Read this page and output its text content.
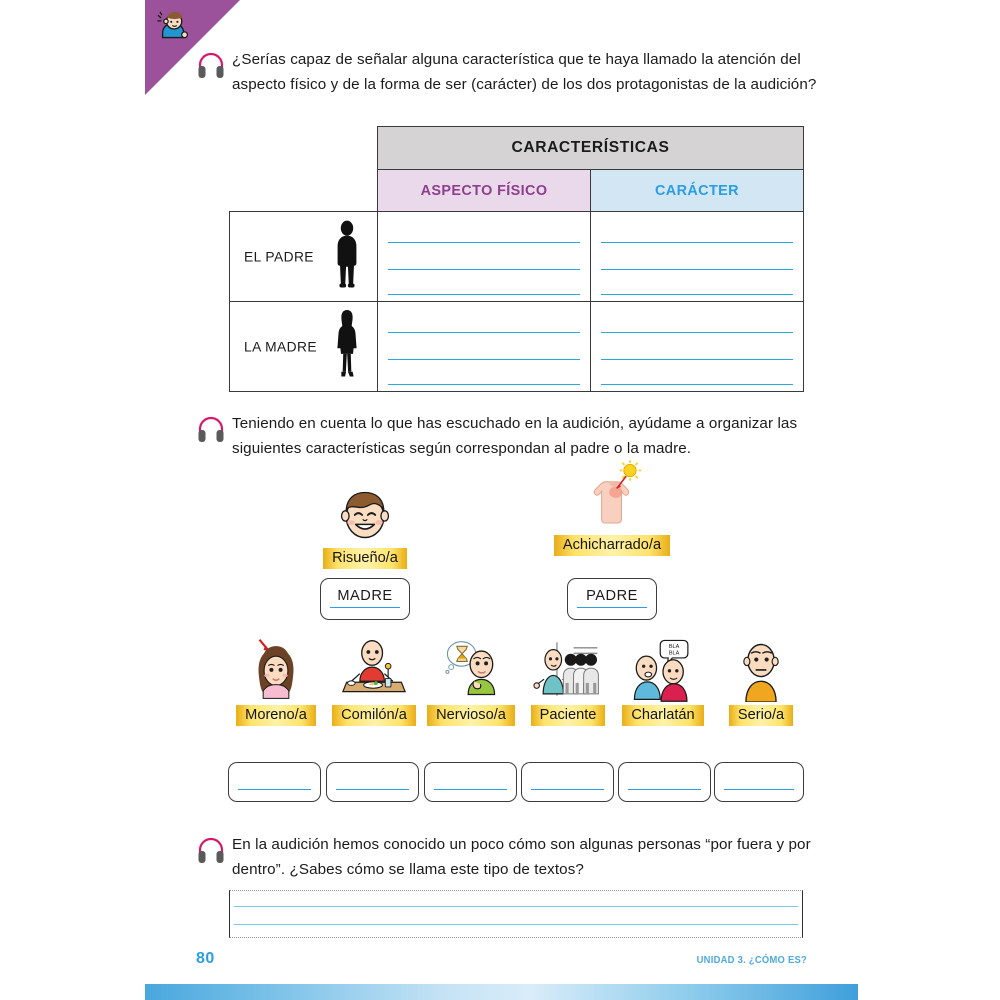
¿Serías capaz de señalar alguna característica que te haya llamado la atención del aspecto físico y de la forma de ser (carácter) de los dos protagonistas de la audición?
	CARACTERÍSTICAS	
	ASPECTO FÍSICO	CARÁCTER

EL PADRE		

LA MADRE		

Teniendo en cuenta lo que has escuchado en la audición, ayúdame a organizar las siguientes características según correspondan al padre o la madre.
Risueño/a
MADRE
Achicharrado/a
PADRE
Moreno/a	Comilón/a	Nervioso/a	Paciente
BLA
BLA
Charlatán	Serio/a
En la audición hemos conocido un poco cómo son algunas personas “por fuera y por dentro”. ¿Sabes cómo se llama este tipo de textos?
80	UNIDAD 3. ¿CÓMO ES?
